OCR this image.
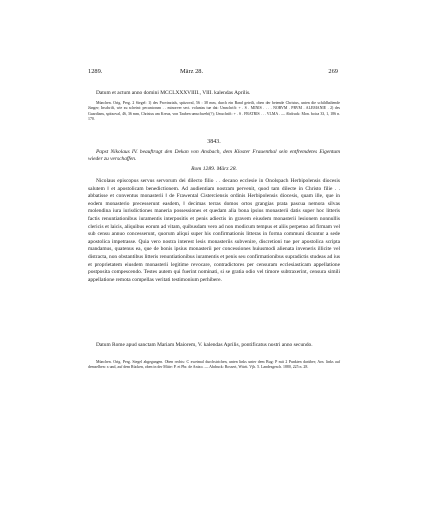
1289.	März 28.	269

Datum et actum anno domini MCCLXXXVIIII., VIII. kalendas Aprilis.

München. Orig. Perg. 2 Siegel: 1) des Provinzials, spitzoval, 56 : 38 mm, durch ein Band geteilt, oben der betende Christus, unten die schildhaltende Jünger; Inschrift, wie zu scheint: pecuntorum . . minorver sect. voluntas tue dat: Umschrift: + . S . MINIS . . . . NORVM . PRVM . ALEMANIE . 2) des Guardians, spitzoval, 46, 36 mm, Christus am Kreuz, von Tauben umschwebt(?); Umschrift: + . S . FRATRIS . . . VLMA . — Abdruck: Mon. boica 33, 1, 186 n. 170.

3843.

Papst Nikolaus IV. beauftragt den Dekan von Ansbach, dem Kloster Frauenthal sein entfremdetes Eigentum wieder zu verschaffen.

Rom 1289. März 28.

Nicolaus episcopus servus servorum dei dilecto filio . . decano ecclesie in Onolspach Herbipolensis diocesis salutem ‖ et apostolicam benedictionem. Ad audientiam nostram pervenit, quod tam dilecte in Christo filie . . abbatisse et conventus monasterii ‖ de Frawental Cisterciensis ordinis Herbipolensis diocesis, quam ille, que in eodem monasterio precesserunt easdem, ‖ decimas terras domos ortos grangias prata pascua nemora silvas molendina iura iurisdictiones maneria possessiones et quedam alia bona ipsius monasterii datis super hoc litteris factis renuntiationibus iuramentis interpositis et penis adiectis in gravem eiusdem monasterii lesionem nonnullis clericis et laicis, aliquibus eorum ad vitam, quibusdam vero ad non modicum tempus et aliis perpetuo ad firmam vel sub censu annuo concesserunt, quorum aliqui super his confirmationis litteras in forma communi dicuntur a sede apostolica impetrasse. Quia vero nostra interest lesis monasteriis subvenire, discretioni tue per apostolica scripta mandamus, quatenus ea, que de bonis ipsius monasterii per concessiones huiusmodi alienata inveneris illicite vel distracta, non obstantibus litteris renuntiationibus iuramentis et penis seu confirmationibus supradictis studeas ad ius et proprietatem eiusdem monasterii legitime revocare, contradictores per censuram ecclesiasticam appellatione postposita compescendo. Testes autem qui fuerint nominati, si se gratia odio vel timore subtraxerint, censura simili appellatione remota compellas veritati testimonium perhibere.

Datum Rome apud sanctam Mariam Maiorem, V. kalendas Aprilis, pontificatus nostri anno secundo.

München. Orig. Perg. Siegel abgegangen. Oben rechts: C zweimal durchstrichen, unten links unter dem Bug: P mit 2 Punkten darüber; Arn. links auf demselben: x und, auf dem Rücken, oben in der Mitte: P. et Pbr. de Anixo. — Abdruck: Bossert, Württ. Vjh. 5. Landesgesch. 1880, 225 n. 28.
